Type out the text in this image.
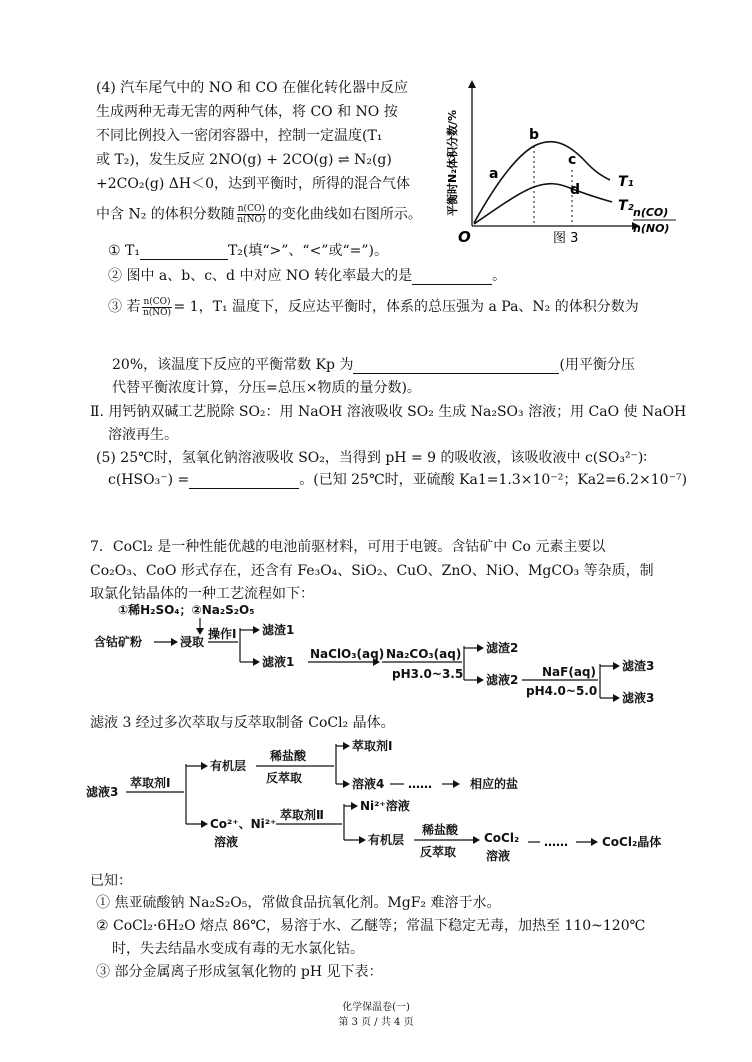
(4) 汽车尾气中的 NO 和 CO 在催化转化器中反应
生成两种无毒无害的两种气体，将 CO 和 NO 按
不同比例投入一密闭容器中，控制一定温度(T₁
或 T₂)，发生反应 2NO(g) + 2CO(g) ⇌ N₂(g)
+2CO₂(g) ΔH＜0，达到平衡时，所得的混合气体
中含 N₂ 的体积分数随 $\frac{n(CO)}{n(NO)}$ 的变化曲线如右图所示。 平衡时N₂体积分数/%
O
a
b
c
d	T₁
T₂ n(CO)
n(NO)
图 3
① T₁	T₂(填“>”、“<”或“=”)。
② 图中 a、b、c、d 中对应 NO 转化率最大的是	。
③ 若 $\frac{n(CO)}{n(NO)} = 1$，T₁ 温度下，反应达平衡时，体系的总压强为 a Pa、N₂ 的体积分数为
20%，该温度下反应的平衡常数 Kp 为	(用平衡分压
代替平衡浓度计算，分压=总压×物质的量分数)。
Ⅱ. 用钙钠双碱工艺脱除 SO₂：用 NaOH 溶液吸收 SO₂ 生成 Na₂SO₃ 溶液；用 CaO 使 NaOH
溶液再生。
(5) 25℃时，氢氧化钠溶液吸收 SO₂，当得到 pH = 9 的吸收液，该吸收液中 c(SO₃²⁻)∶
c(HSO₃⁻) =	。(已知 25℃时，亚硫酸 Ka1=1.3×10⁻²；Ka2=6.2×10⁻⁷)
7．CoCl₂ 是一种性能优越的电池前驱材料，可用于电镀。含钴矿中 Co 元素主要以
Co₂O₃、CoO 形式存在，还含有 Fe₃O₄、SiO₂、CuO、ZnO、NiO、MgCO₃ 等杂质，制
取氯化钴晶体的一种工艺流程如下：
①稀H₂SO₄；②Na₂S₂O₅
含钴矿粉	浸取
操作Ⅰ 滤渣1
滤液1
NaClO₃(aq) Na₂CO₃(aq)
pH3.0~3.5
滤渣2
滤液2
NaF(aq)
pH4.0~5.0
滤渣3
滤液3
滤液 3 经过多次萃取与反萃取制备 CoCl₂ 晶体。
滤液3
萃取剂Ⅰ
有机层
稀盐酸
反萃取
萃取剂Ⅰ
溶液4 ……	相应的盐
Co²⁺、Ni²⁺
溶液
萃取剂Ⅱ
Ni²⁺溶液
有机层
稀盐酸
反萃取
CoCl₂
溶液
……	CoCl₂晶体
已知：
① 焦亚硫酸钠 Na₂S₂O₅，常做食品抗氧化剂。MgF₂ 难溶于水。
② CoCl₂·6H₂O 熔点 86℃，易溶于水、乙醚等；常温下稳定无毒，加热至 110~120℃
时，失去结晶水变成有毒的无水氯化钴。
③ 部分金属离子形成氢氧化物的 pH 见下表：
化学保温卷(一)
第 3 页 / 共 4 页
